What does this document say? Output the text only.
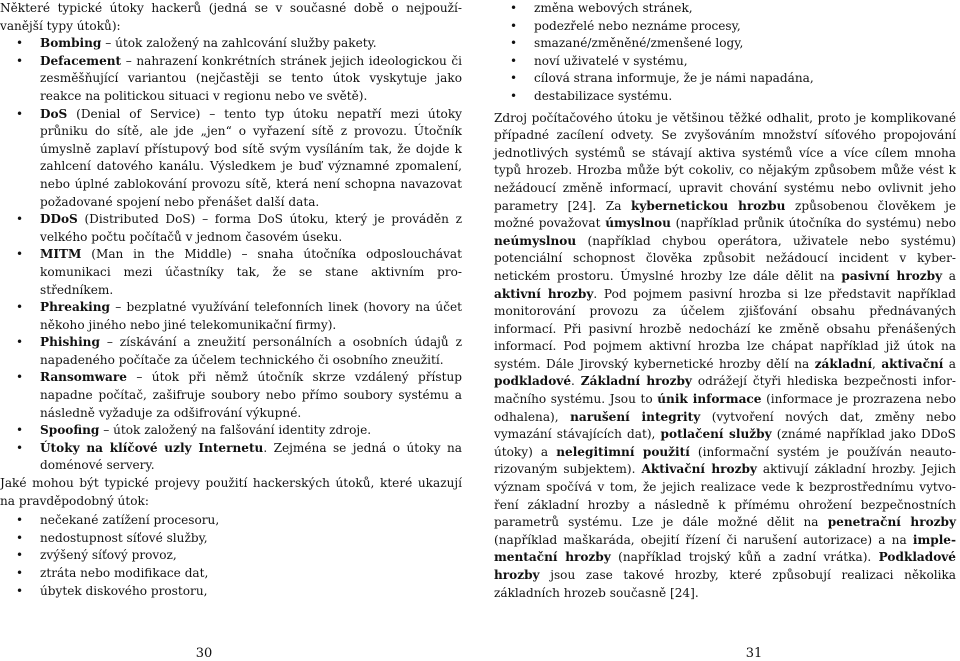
Některé typické útoky hackerů (jedná se v současné době o nejpouží-vanější typy útoků):
• Bombing – útok založený na zahlcování služby pakety.
• Defacement – nahrazení konkrétních stránek jejich ideologickou či zesměšňující variantou (nejčastěji se tento útok vyskytuje jako reakce na politickou situaci v regionu nebo ve světě).
• DoS (Denial of Service) – tento typ útoku nepatří mezi útoky průniku do sítě, ale jde „jen“ o vyřazení sítě z provozu. Útočník úmyslně zaplaví přístupový bod sítě svým vysíláním tak, že dojde k zahlcení datového kanálu. Výsledkem je buď významné zpomalení, nebo úplné zablokování provozu sítě, která není schopna navazovat požadované spojení nebo přenášet další data.
• DDoS (Distributed DoS) – forma DoS útoku, který je prováděn z velkého počtu počítačů v jednom časovém úseku.
• MITM (Man in the Middle) – snaha útočníka odposlouchávat komunikaci mezi účastníky tak, že se stane aktivním pro-středníkem.
• Phreaking – bezplatné využívání telefonních linek (hovory na účet někoho jiného nebo jiné telekomunikační firmy).
• Phishing – získávání a zneužití personálních a osobních údajů z napadeného počítače za účelem technického či osobního zneužití.
• Ransomware – útok při němž útočník skrze vzdálený přístup napadne počítač, zašifruje soubory nebo přímo soubory systému a následně vyžaduje za odšifrování výkupné.
• Spoofing – útok založený na falšování identity zdroje.
• Útoky na klíčové uzly Internetu. Zejména se jedná o útoky na doménové servery.
Jaké mohou být typické projevy použití hackerských útoků, které ukazují na pravděpodobný útok:
• nečekané zatížení procesoru,
• nedostupnost síťové služby,
• zvýšený síťový provoz,
• ztráta nebo modifikace dat,
• úbytek diskového prostoru,
• změna webových stránek,
• podezřelé nebo neznáme procesy,
• smazané/změněné/zmenšené logy,
• noví uživatelé v systému,
• cílová strana informuje, že je námi napadána,
• destabilizace systému.

Zdroj počítačového útoku je většinou těžké odhalit, proto je komplikované případné zacílení odvety. Se zvyšováním množství síťového propojování jednotlivých systémů se stávají aktiva systémů více a více cílem mnoha typů hrozeb. Hrozba může být cokoliv, co nějakým způsobem může vést k nežádoucí změně informací, upravit chování systému nebo ovlivnit jeho parametry [24]. Za kybernetickou hrozbu způsobenou člověkem je možné považovat úmyslnou (například průnik útočníka do systému) nebo neúmyslnou (například chybou operátora, uživatele nebo systému) potenciální schopnost člověka způsobit nežádoucí incident v kyber-netickém prostoru. Úmyslné hrozby lze dále dělit na pasivní hrozby a aktivní hrozby. Pod pojmem pasivní hrozba si lze představit například monitorování provozu za účelem zjišťování obsahu přednávaných informací. Při pasivní hrozbě nedochází ke změně obsahu přenášených informací. Pod pojmem aktivní hrozba lze chápat například již útok na systém. Dále Jirovský kybernetické hrozby dělí na základní, aktivační a podkladové. Základní hrozby odrážejí čtyři hlediska bezpečnosti infor-mačního systému. Jsou to únik informace (informace je prozrazena nebo odhalena), narušení integrity (vytvoření nových dat, změny nebo vymazání stávajících dat), potlačení služby (známé například jako DDoS útoky) a nelegitimní použití (informační systém je používán neauto-rizovaným subjektem). Aktivační hrozby aktivují základní hrozby. Jejich význam spočívá v tom, že jejich realizace vede k bezprostřednímu vytvo-ření základní hrozby a následně k přímému ohrožení bezpečnostních parametrů systému. Lze je dále možné dělit na penetrační hrozby (například maškaráda, obejití řízení či narušení autorizace) a na imple-mentační hrozby (například trojský kůň a zadní vrátka). Podkladové hrozby jsou zase takové hrozby, které způsobují realizaci několika základních hrozeb současně [24].

30	31
